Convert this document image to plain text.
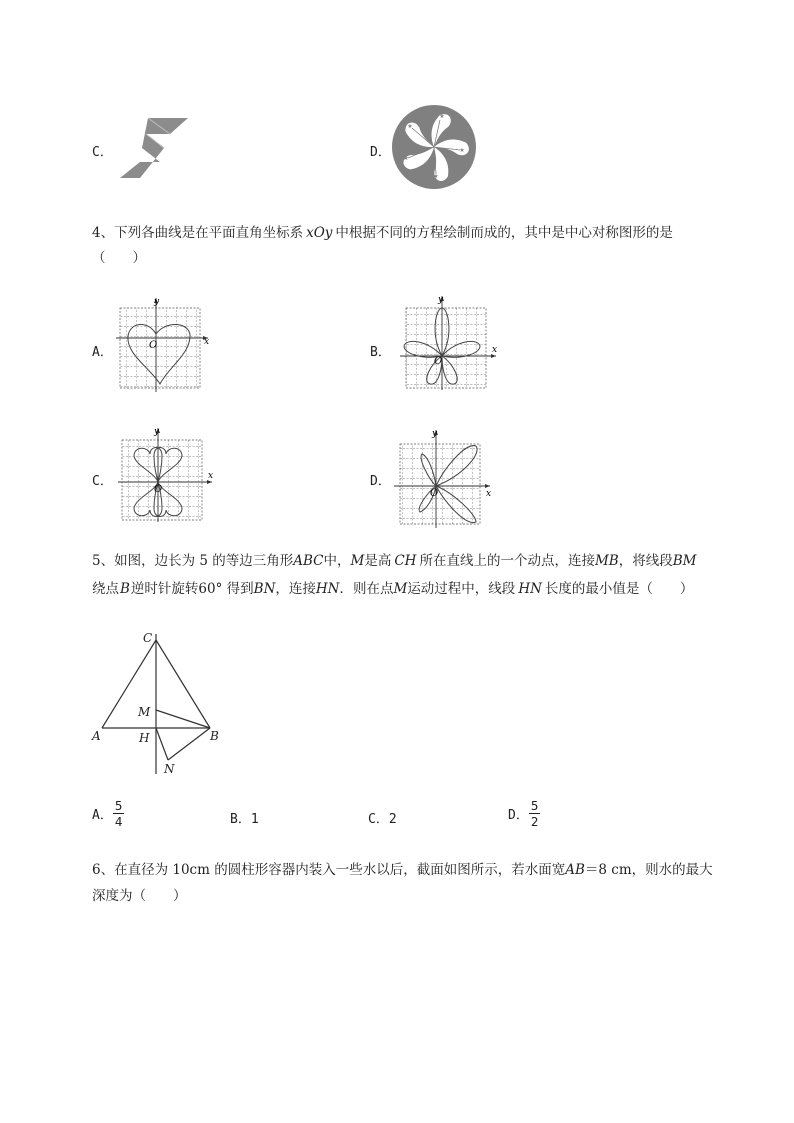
C．	D．
★
★
★
★
★
4、下列各曲线是在平面直角坐标系 xOy 中根据不同的方程绘制而成的，其中是中心对称图形的是
（　　）
A．
y
x
O	B．
y
x
O
C．
y
x
O
D．
y
x
O
5、如图，边长为 5 的等边三角形ABC中，M是高 CH 所在直线上的一个动点，连接MB，将线段BM
绕点B逆时针旋转60° 得到BN，连接HN．则在点M运动过程中，线段 HN 长度的最小值是（　　）
C
M
A	H	B
N
A． $\frac{5}{4}$	B．1	C．2	D． $\frac{5}{2}$
6、在直径为 10cm 的圆柱形容器内装入一些水以后，截面如图所示，若水面宽AB＝8 cm，则水的最大
深度为（　　）
